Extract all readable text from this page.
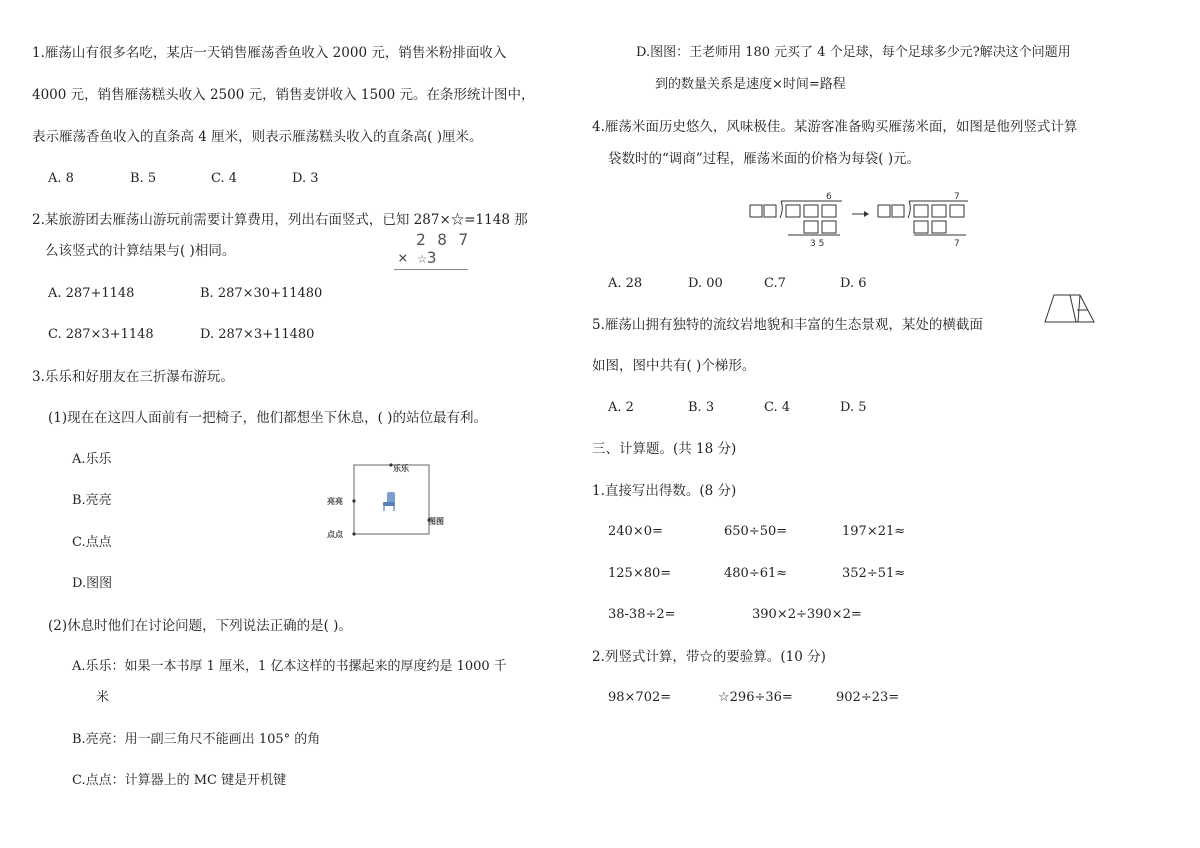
1.雁荡山有很多名吃，某店一天销售雁荡香鱼收入 2000 元，销售米粉排面收入
4000 元，销售雁荡糕头收入 2500 元，销售麦饼收入 1500 元。在条形统计图中，
表示雁荡香鱼收入的直条高 4 厘米，则表示雁荡糕头收入的直条高( )厘米。
A. 8	B. 5	C. 4	D. 3
2.某旅游团去雁荡山游玩前需要计算费用，列出右面竖式，已知 287×☆=1148 那
么该竖式的计算结果与( )相同。
2 8 7
× ☆3
A. 287+1148	B. 287×30+11480
C. 287×3+1148	D. 287×3+11480
3.乐乐和好朋友在三折瀑布游玩。
(1)现在在这四人面前有一把椅子，他们都想坐下休息，( )的站位最有利。
A.乐乐
B.亮亮
C.点点
D.图图
乐乐
亮亮
点点
图图
(2)休息时他们在讨论问题，下列说法正确的是( )。
A.乐乐：如果一本书厚 1 厘米，1 亿本这样的书摞起来的厚度约是 1000 千
米
B.亮亮：用一副三角尺不能画出 105° 的角
C.点点：计算器上的 MC 键是开机键
D.图图：王老师用 180 元买了 4 个足球，每个足球多少元?解决这个问题用
到的数量关系是速度×时间=路程
4.雁荡米面历史悠久，风味极佳。某游客准备购买雁荡米面，如图是他列竖式计算
袋数时的“调商”过程，雁荡米面的价格为每袋( )元。
6
3 5
7
7
A. 28	D. 00	C.7	D. 6
5.雁荡山拥有独特的流纹岩地貌和丰富的生态景观，某处的横截面
如图，图中共有( )个梯形。
A. 2	B. 3	C. 4	D. 5
三、计算题。(共 18 分)
1.直接写出得数。(8 分)
240×0=	650÷50=	197×21≈
125×80=	480÷61≈	352÷51≈
38-38÷2=	390×2÷390×2=
2.列竖式计算，带☆的要验算。(10 分)
98×702=	☆296÷36=	902÷23=
